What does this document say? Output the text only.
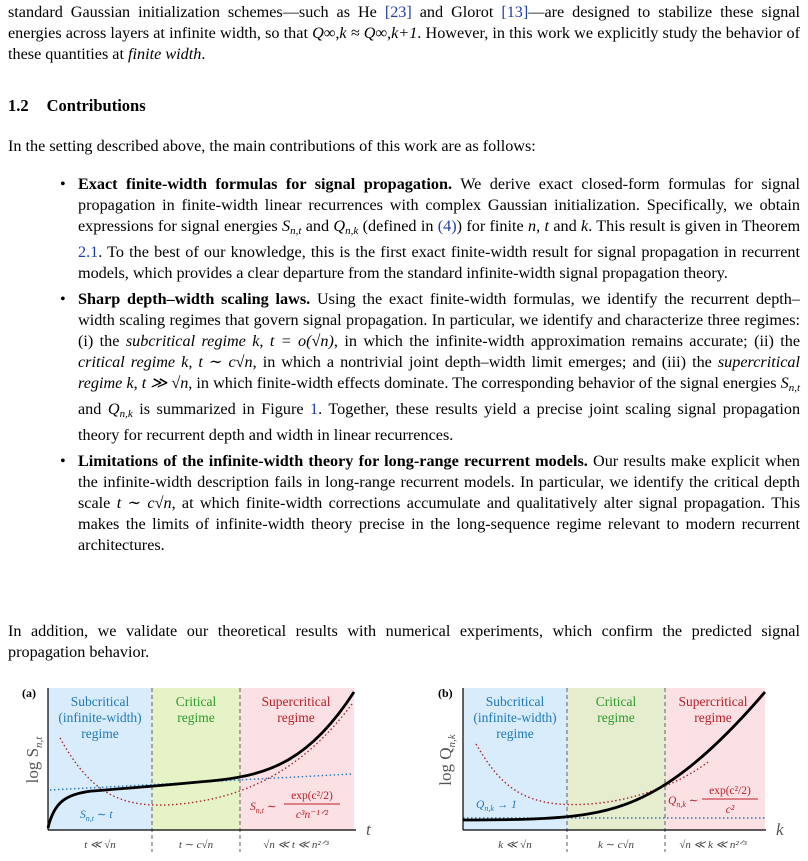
standard Gaussian initialization schemes—such as He [23] and Glorot [13]—are designed to stabilize these signal energies across layers at infinite width, so that Q∞,k ≈ Q∞,k+1. However, in this work we explicitly study the behavior of these quantities at finite width.
1.2 Contributions
In the setting described above, the main contributions of this work are as follows:
• Exact finite-width formulas for signal propagation. We derive exact closed-form formulas for signal propagation in finite-width linear recurrences with complex Gaussian initialization. Specifically, we obtain expressions for signal energies $S_{n,t}$ and $Q_{n,k}$ (defined in (4)) for finite n, t and k. This result is given in Theorem 2.1. To the best of our knowledge, this is the first exact finite-width result for signal propagation in recurrent models, which provides a clear departure from the standard infinite-width signal propagation theory.
• Sharp depth–width scaling laws. Using the exact finite-width formulas, we identify the recurrent depth–width scaling regimes that govern signal propagation. In particular, we identify and characterize three regimes: (i) the subcritical regime k, t = o(√n), in which the infinite-width approximation remains accurate; (ii) the critical regime k, t ∼ c√n, in which a nontrivial joint depth–width limit emerges; and (iii) the supercritical regime k, t ≫ √n, in which finite-width effects dominate. The corresponding behavior of the signal energies $S_{n,t}$ and $Q_{n,k}$ is summarized in Figure 1. Together, these results yield a precise joint scaling signal propagation theory for recurrent depth and width in linear recurrences.
• Limitations of the infinite-width theory for long-range recurrent models. Our results make explicit when the infinite-width description fails in long-range recurrent models. In particular, we identify the critical depth scale t ∼ c√n, at which finite-width corrections accumulate and qualitatively alter signal propagation. This makes the limits of infinite-width theory precise in the long-sequence regime relevant to modern recurrent architectures.
In addition, we validate our theoretical results with numerical experiments, which confirm the predicted signal propagation behavior.
(a)
$\log S_{n,t}$
t
Subcritical
(infinite-width)
regime
Critical
regime
Supercritical
regime
$S_{n,t}$ ∼ t
$S_{n,t}$ ∼
exp(c²/2)
c³n⁻¹ᐟ²
t ≪ √n	t ∼ c√n	√n ≪ t ≪ n²ᐟ³
(b)
$\log Q_{n,k}$
k
Subcritical
(infinite-width)
regime
Critical
regime
Supercritical
regime
$Q_{n,k} \to 1$	$Q_{n,k}$ ∼
exp(c²/2)
c²
k ≪ √n	k ∼ c√n	√n ≪ k ≪ n²ᐟ³
